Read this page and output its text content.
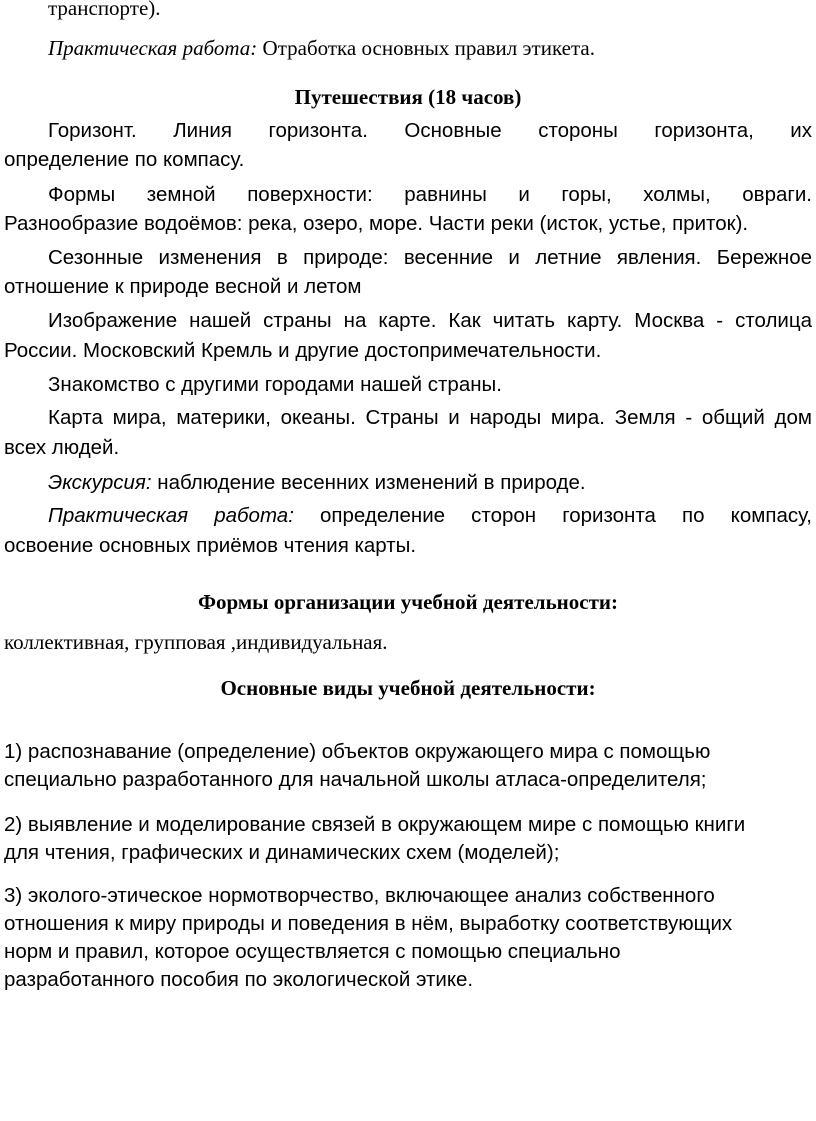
транспорте).
Практическая работа: Отработка основных правил этикета.
Путешествия (18 часов)
Горизонт. Линия горизонта. Основные стороны горизонта, их
определение по компасу.
Формы земной поверхности: равнины и горы, холмы, овраги.
Разнообразие водоёмов: река, озеро, море. Части реки (исток, устье, приток).
Сезонные изменения в природе: весенние и летние явления. Бережное
отношение к природе весной и летом
Изображение нашей страны на карте. Как читать карту. Москва - столица
России. Московский Кремль и другие достопримечательности.
Знакомство с другими городами нашей страны.
Карта мира, материки, океаны. Страны и народы мира. Земля - общий дом
всех людей.
Экскурсия: наблюдение весенних изменений в природе.
Практическая работа: определение сторон горизонта по компасу,
освоение основных приёмов чтения карты.
Формы организации учебной деятельности:
коллективная, групповая ,индивидуальная.
Основные виды учебной деятельности:
1) распознавание (определение) объектов окружающего мира с помощью
специально разработанного для начальной школы атласа-определителя;
2) выявление и моделирование связей в окружающем мире с помощью книги
для чтения, графических и динамических схем (моделей);
3) эколого-этическое нормотворчество, включающее анализ собственного
отношения к миру природы и поведения в нём, выработку соответствующих
норм и правил, которое осуществляется с помощью специально
разработанного пособия по экологической этике.
